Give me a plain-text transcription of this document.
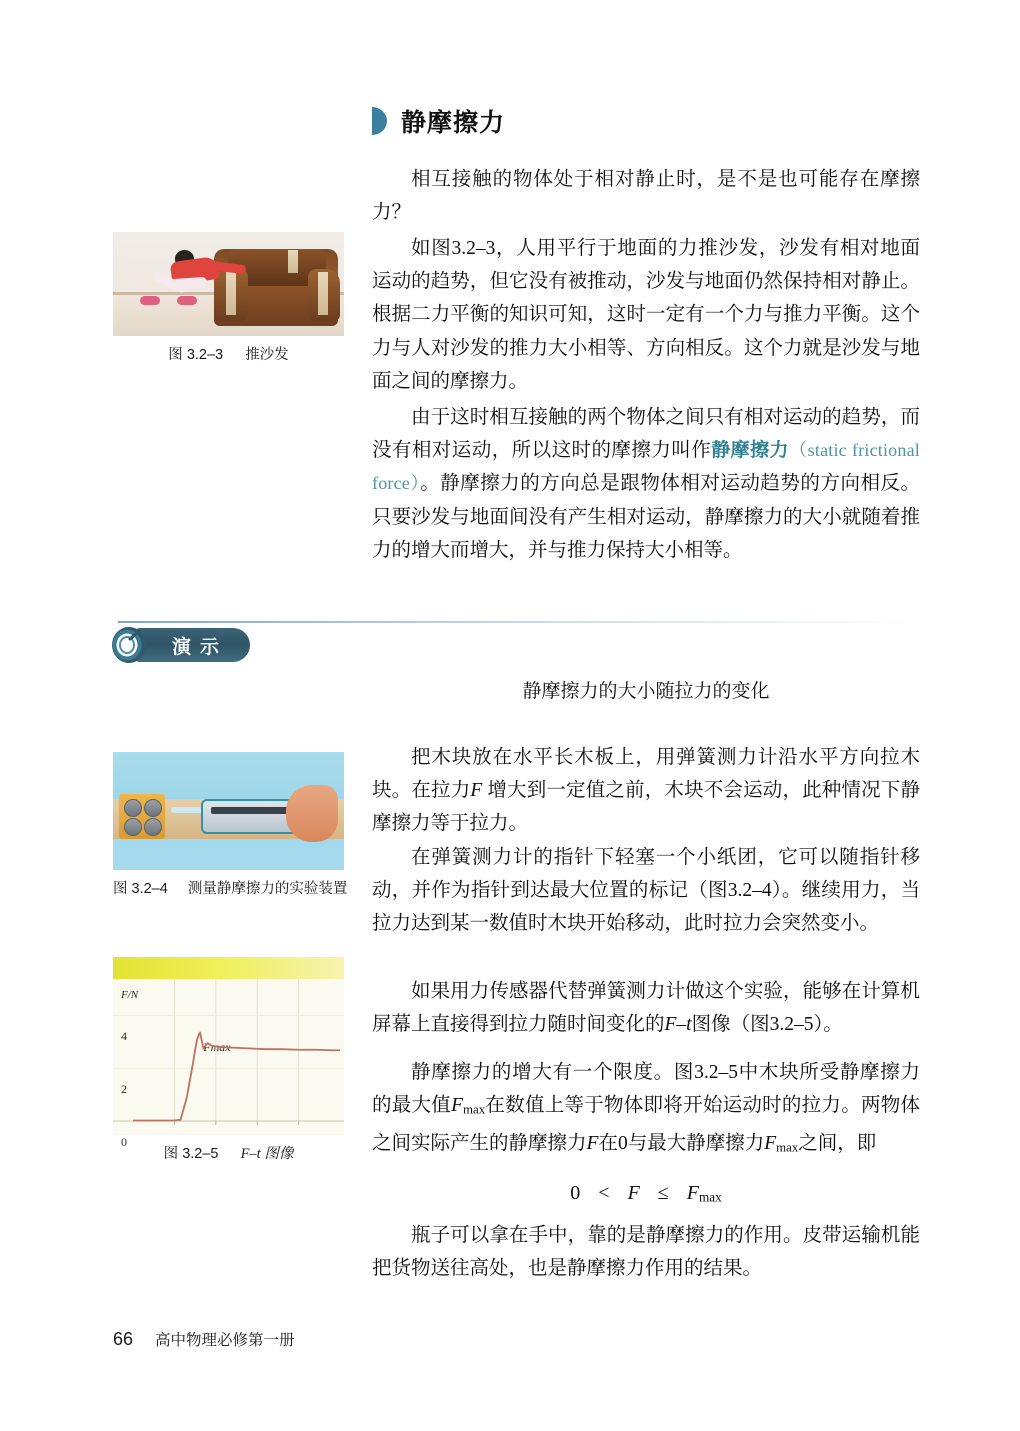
静摩擦力
图 3.2–3 推沙发

相互接触的物体处于相对静止时，是不是也可能存在摩擦力？

如图3.2–3，人用平行于地面的力推沙发，沙发有相对地面运动的趋势，但它没有被推动，沙发与地面仍然保持相对静止。根据二力平衡的知识可知，这时一定有一个力与推力平衡。这个力与人对沙发的推力大小相等、方向相反。这个力就是沙发与地面之间的摩擦力。

由于这时相互接触的两个物体之间只有相对运动的趋势，而没有相对运动，所以这时的摩擦力叫作静摩擦力（static frictional force）。静摩擦力的方向总是跟物体相对运动趋势的方向相反。只要沙发与地面间没有产生相对运动，静摩擦力的大小就随着推力的增大而增大，并与推力保持大小相等。

演示
静摩擦力的大小随拉力的变化
图 3.2–4 测量静摩擦力的实验装置
F/N
4
2
0
Fmax
图 3.2–5 F–t 图像

把木块放在水平长木板上，用弹簧测力计沿水平方向拉木块。在拉力F 增大到一定值之前，木块不会运动，此种情况下静摩擦力等于拉力。

在弹簧测力计的指针下轻塞一个小纸团，它可以随指针移动，并作为指针到达最大位置的标记（图3.2–4）。继续用力，当拉力达到某一数值时木块开始移动，此时拉力会突然变小。

如果用力传感器代替弹簧测力计做这个实验，能够在计算机屏幕上直接得到拉力随时间变化的F–t图像（图3.2–5）。

静摩擦力的增大有一个限度。图3.2–5中木块所受静摩擦力的最大值Fmax在数值上等于物体即将开始运动时的拉力。两物体之间实际产生的静摩擦力F在0与最大静摩擦力Fmax之间，即

0 < F ≤ Fmax

瓶子可以拿在手中，靠的是静摩擦力的作用。皮带运输机能把货物送往高处，也是静摩擦力作用的结果。

66 高中物理必修第一册
